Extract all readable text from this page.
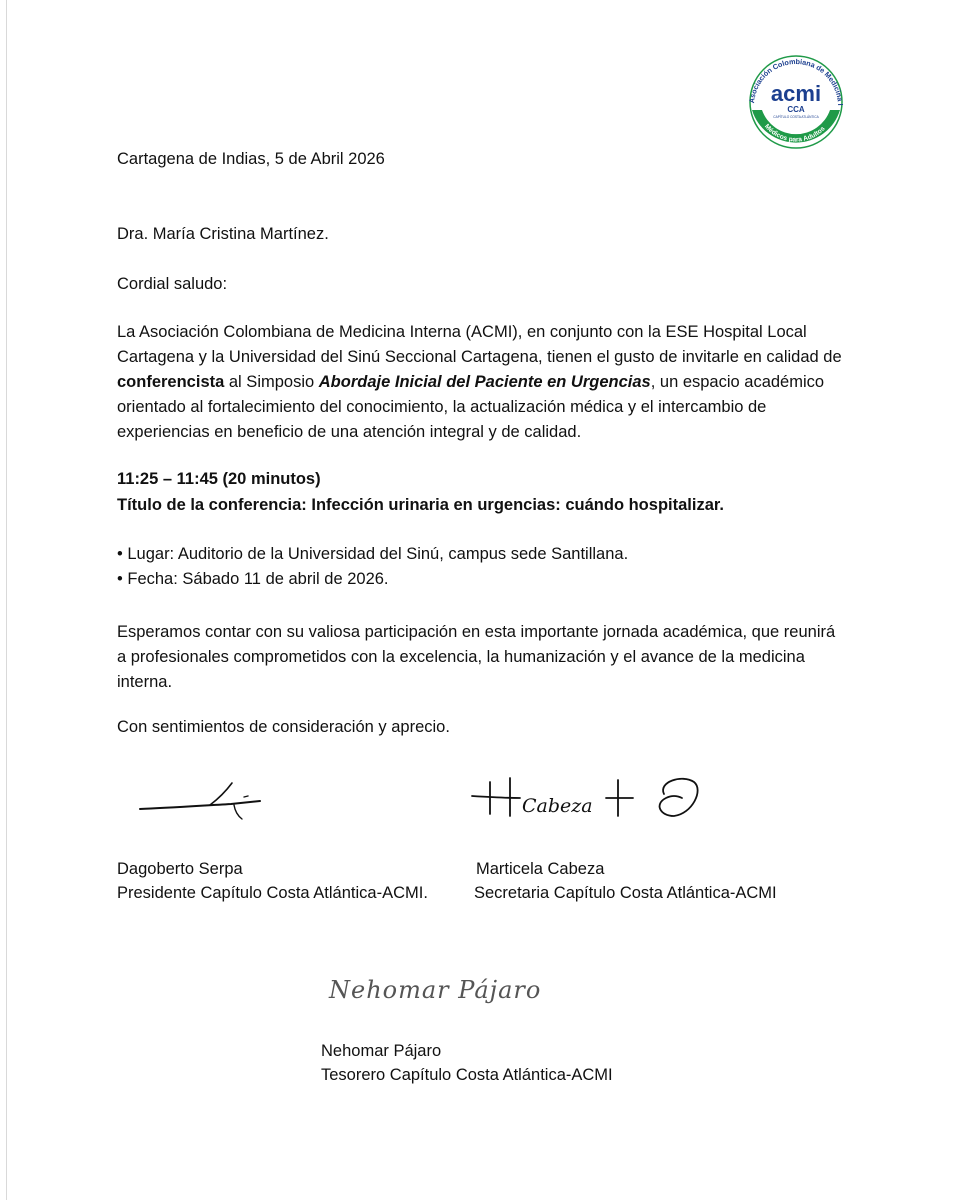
Asociación Colombiana de Medicina I
Médicos para Adultos
acmi
CCA
CAPÍTULO COSTA ATLÁNTICA
Cartagena de Indias, 5 de Abril 2026
Dra. María Cristina Martínez.
Cordial saludo:
La Asociación Colombiana de Medicina Interna (ACMI), en conjunto con la ESE Hospital Local Cartagena y la Universidad del Sinú Seccional Cartagena, tienen el gusto de invitarle en calidad de conferencista al Simposio Abordaje Inicial del Paciente en Urgencias, un espacio académico orientado al fortalecimiento del conocimiento, la actualización médica y el intercambio de experiencias en beneficio de una atención integral y de calidad.
11:25 – 11:45 (20 minutos)
Título de la conferencia: Infección urinaria en urgencias: cuándo hospitalizar.
• Lugar: Auditorio de la Universidad del Sinú, campus sede Santillana.
• Fecha: Sábado 11 de abril de 2026.
Esperamos contar con su valiosa participación en esta importante jornada académica, que reunirá a profesionales comprometidos con la excelencia, la humanización y el avance de la medicina interna.
Con sentimientos de consideración y aprecio.
Cabeza
Dagoberto Serpa
Presidente Capítulo Costa Atlántica-ACMI.
Marticela Cabeza
Secretaria Capítulo Costa Atlántica-ACMI
Nehomar Pájaro
Nehomar Pájaro
Tesorero Capítulo Costa Atlántica-ACMI
